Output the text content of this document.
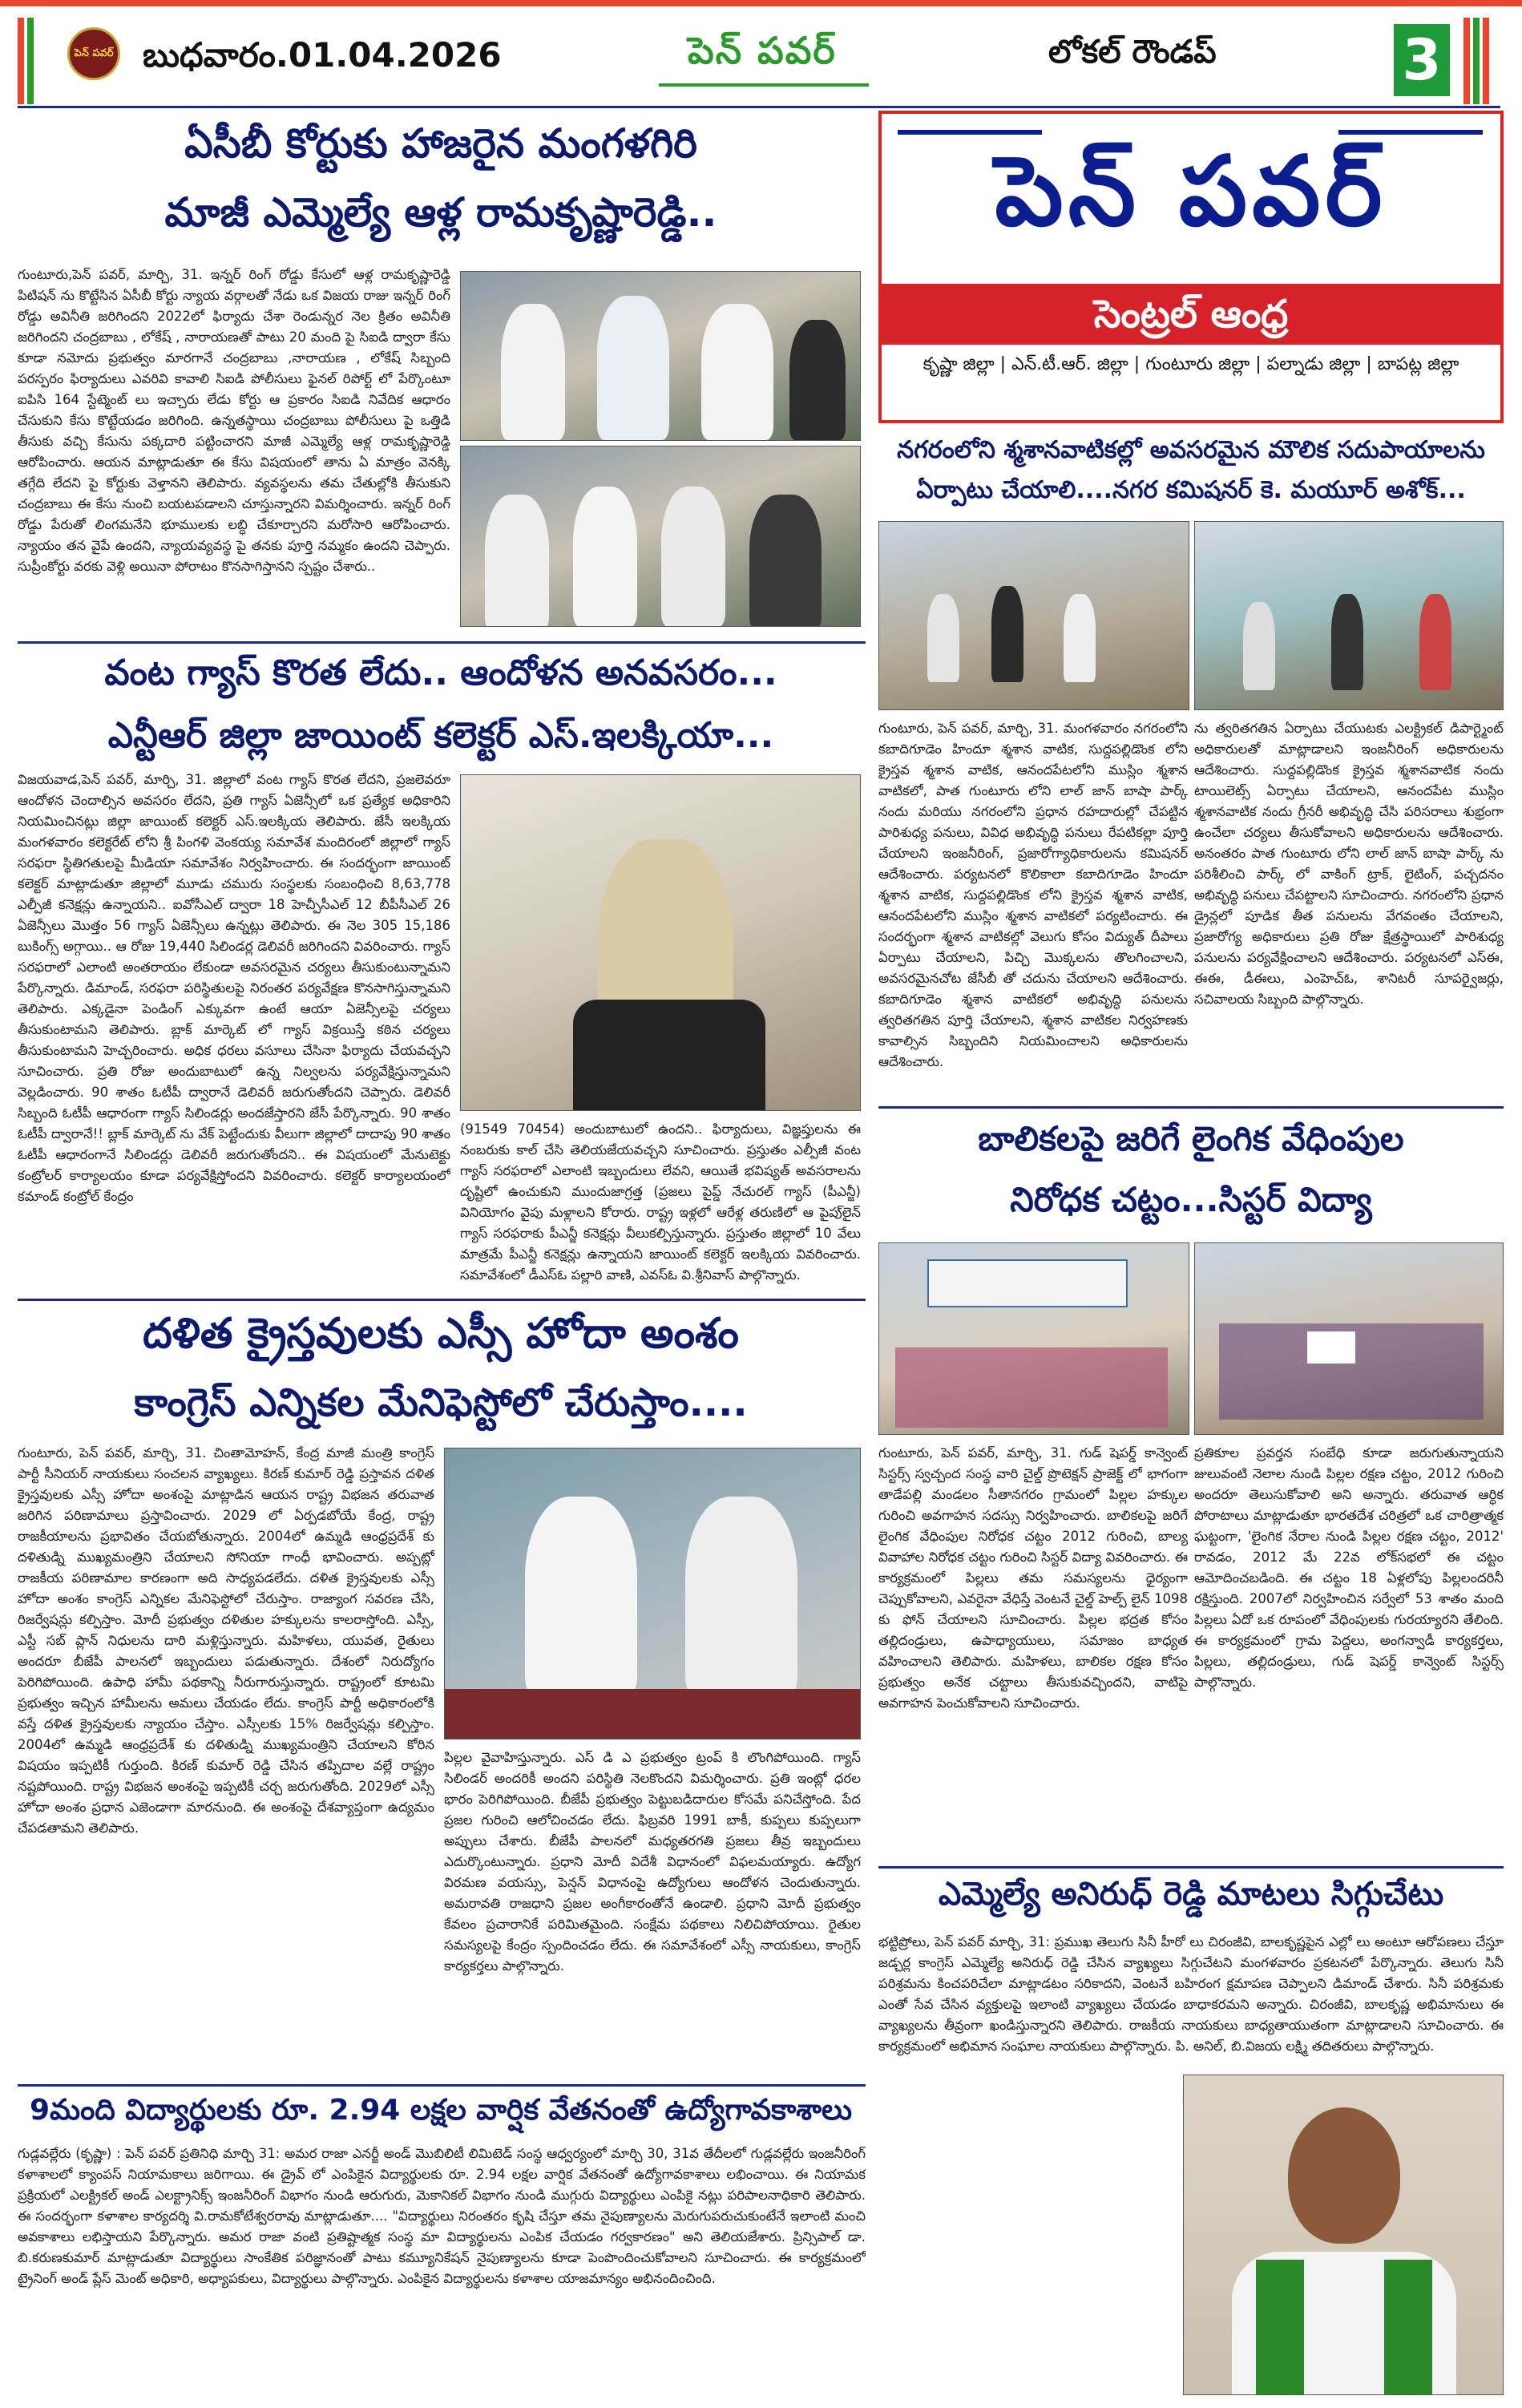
పెన్ పవర్ బుధవారం.01.04.2026	పెన్ పవర్	లోకల్ రౌండప్	3
ఏసీబీ కోర్టుకు హాజరైన మంగళగిరి
మాజీ ఎమ్మెల్యే ఆళ్ల రామకృష్ణారెడ్డి..
గుంటూరు,పెన్ పవర్, మార్చి, 31. ఇన్నర్ రింగ్ రోడ్డు కేసులో ఆళ్ల రామకృష్ణారెడ్డి పిటిషన్ ను కొట్టేసిన ఏసీబీ కోర్టు న్యాయ వర్గాలతో నేడు ఒక విజయ రాజు ఇన్నర్ రింగ్ రోడ్డు అవినీతి జరిగిందని 2022లో ఫిర్యాదు చేశా రెండున్నర నెల క్రితం అవినీతి జరిగిందని చంద్రబాబు , లోకేష్ , నారాయణతో పాటు 20 మంది పై సిఐడి ద్వారా కేసు కూడా నమోదు ప్రభుత్వం మారగానే చంద్రబాబు ,నారాయణ , లోకేష్ సిబ్బంది పరస్పరం ఫిర్యాదులు ఎవరివి కావాలి సిఐడి పోలీసులు ఫైనల్ రిపోర్ట్ లో పేర్కొంటూ ఐపిసి 164 స్టేట్మెంట్ లు ఇచ్చారు లేడు కోర్టు ఆ ప్రకారం సిఐడి నివేదిక ఆధారం చేసుకుని కేసు కొట్టేయడం జరిగింది. ఉన్నతస్థాయి చంద్రబాబు పోలీసులు పై ఒత్తిడి తీసుకు వచ్చి కేసును పక్కదారి పట్టించారని మాజీ ఎమ్మెల్యే ఆళ్ల రామకృష్ణారెడ్డి ఆరోపించారు. ఆయన మాట్లాడుతూ ఈ కేసు విషయంలో తాను ఏ మాత్రం వెనక్కి తగ్గేది లేదని పై కోర్టుకు వెళ్తానని తెలిపారు. వ్యవస్థలను తమ చేతుల్లోకి తీసుకుని చంద్రబాబు ఈ కేసు నుంచి బయటపడాలని చూస్తున్నారని విమర్శించారు. ఇన్నర్ రింగ్ రోడ్డు పేరుతో లింగమనేని భూములకు లబ్ధి చేకూర్చారని మరోసారి ఆరోపించారు. న్యాయం తన వైపే ఉందని, న్యాయవ్యవస్థ పై తనకు పూర్తి నమ్మకం ఉందని చెప్పారు. సుప్రీంకోర్టు వరకు వెళ్లి అయినా పోరాటం కొనసాగిస్తానని స్పష్టం చేశారు..
వంట గ్యాస్ కొరత లేదు.. ఆందోళన అనవసరం...
ఎన్టీఆర్ జిల్లా జాయింట్ కలెక్టర్ ఎస్.ఇలక్కియా...
విజయవాడ,పెన్ పవర్, మార్చి, 31. జిల్లాలో వంట గ్యాస్ కొరత లేదని, ప్రజలెవరూ ఆందోళన చెందాల్సిన అవసరం లేదని, ప్రతి గ్యాస్ ఏజెన్సీలో ఒక ప్రత్యేక అధికారిని నియమించినట్లు జిల్లా జాయింట్ కలెక్టర్ ఎస్.ఇలక్కియ తెలిపారు. జేసీ ఇలక్కియ మంగళవారం కలెక్టరేట్ లోని శ్రీ పింగళి వెంకయ్య సమావేశ మందిరంలో జిల్లాలో గ్యాస్ సరఫరా స్థితిగతులపై మీడియా సమావేశం నిర్వహించారు. ఈ సందర్భంగా జాయింట్ కలెక్టర్ మాట్లాడుతూ జిల్లాలో మూడు చమురు సంస్థలకు సంబంధించి 8,63,778 ఎల్పీజీ కనెక్షన్లు ఉన్నాయని.. ఐవోసీఎల్ ద్వారా 18 హెచ్పీసీఎల్ 12 బీపీసీఎల్ 26 ఏజెన్సీలు మొత్తం 56 గ్యాస్ ఏజెన్సీలు ఉన్నట్లు తెలిపారు. ఈ నెల 305 15,186 బుకింగ్స్ అగ్గాయి.. ఆ రోజు 19,440 సిలిండర్ల డెలివరీ జరిగిందని వివరించారు. గ్యాస్ సరఫరాలో ఎలాంటి అంతరాయం లేకుండా అవసరమైన చర్యలు తీసుకుంటున్నామని పేర్కొన్నారు. డిమాండ్, సరఫరా పరిస్థితులపై నిరంతర పర్యవేక్షణ కొనసాగిస్తున్నామని తెలిపారు. ఎక్కడైనా పెండింగ్ ఎక్కువగా ఉంటే ఆయా ఏజెన్సీలపై చర్యలు తీసుకుంటామని తెలిపారు. బ్లాక్ మార్కెట్ లో గ్యాస్ విక్రయిస్తే కఠిన చర్యలు తీసుకుంటామని హెచ్చరించారు. అధిక ధరలు వసూలు చేసినా ఫిర్యాదు చేయవచ్చని సూచించారు. ప్రతి రోజు అందుబాటులో ఉన్న నిల్వలను పర్యవేక్షిస్తున్నామని వెల్లడించారు. 90 శాతం ఓటీపీ ద్వారానే డెలివరీ జరుగుతోందని చెప్పారు. డెలివరీ సిబ్బంది ఓటీపీ ఆధారంగా గ్యాస్ సిలిండర్లు అందజేస్తారని జేసీ పేర్కొన్నారు. 90 శాతం ఓటీపీ ద్వారానే!! బ్లాక్ మార్కెట్ ను వేక్ పెట్టేందుకు వీలుగా జిల్లాలో దాదాపు 90 శాతం ఓటీపీ ఆధారంగానే సిలిండర్లు డెలివరీ జరుగుతోందని.. ఈ విషయంలో మేనుటెక్టు కంట్రోలర్ కార్యాలయం కూడా పర్యవేక్షిస్తోందని వివరించారు. కలెక్టర్ కార్యాలయంలో కమాండ్ కంట్రోల్ కేంద్రం
(91549 70454) అందుబాటులో ఉందని.. ఫిర్యాదులు, విజ్ఞప్తులను ఈ నంబరుకు కాల్ చేసి తెలియజేయవచ్చని సూచించారు. ప్రస్తుతం ఎల్పీజీ వంట గ్యాస్ సరఫరాలో ఎలాంటి ఇబ్బందులు లేవని, ఆయితే భవిష్యత్ అవసరాలను దృష్టిలో ఉంచుకుని ముందుజాగ్రత్త (ప్రజలు పైప్డ్ నేచురల్ గ్యాస్ (పీఎన్జీ) వినియోగం వైపు మళ్లాలని కోరారు. రాష్ట్ర ఇళ్లలో ఆరేళ్ల తరుణిలో ఆ పైపు్లైన్ గ్యాస్ సరఫరాకు పీఎన్జీ కనెక్షన్లు వీలుకల్పిస్తున్నారు. ప్రస్తుతం జిల్లాలో 10 వేలు మాత్రమే పీఎన్జీ కనెక్షన్లు ఉన్నాయని జాయింట్ కలెక్టర్ ఇలక్కియ వివరించారు. సమావేశంలో డీఎస్ఓ పల్లారి వాణి, ఎవస్ఓ వి.శ్రీనివాస్ పాల్గొన్నారు.
దళిత క్రైస్తవులకు ఎస్సీ హోదా అంశం
కాంగ్రెస్ ఎన్నికల మేనిఫెస్టోలో చేరుస్తాం....
గుంటూరు, పెన్ పవర్, మార్చి, 31. చింతామోహన్, కేంద్ర మాజీ మంత్రి కాంగ్రెస్ పార్టీ సీనియర్ నాయకులు సంచలన వ్యాఖ్యలు. కిరణ్ కుమార్ రెడ్డి ప్రస్తావన దళిత క్రైస్తవులకు ఎస్సీ హోదా అంశంపై మాట్లాడిన ఆయన రాష్ట్ర విభజన తరువాత జరిగిన పరిణామాలు ప్రస్తావించారు. 2029 లో ఏర్పడబోయే కేంద్ర, రాష్ట్ర రాజకీయాలను ప్రభావితం చేయబోతున్నారు. 2004లో ఉమ్మడి ఆంధ్రప్రదేశ్ కు దళితుడ్ని ముఖ్యమంత్రిని చేయాలని సోనియా గాంధీ భావించారు. అప్పట్లో రాజకీయ పరిణామాల కారణంగా అది సాధ్యపడలేదు. దళిత క్రైస్తవులకు ఎస్సీ హోదా అంశం కాంగ్రెస్ ఎన్నికల మేనిఫెస్టోలో చేరుస్తాం. రాజ్యాంగ సవరణ చేసి, రిజర్వేషన్లు కల్పిస్తాం. మోదీ ప్రభుత్వం దళితుల హక్కులను కాలరాస్తోంది. ఎస్సీ, ఎస్టీ సబ్ ప్లాన్ నిధులను దారి మళ్లిస్తున్నారు. మహిళలు, యువత, రైతులు అందరూ బీజేపీ పాలనలో ఇబ్బందులు పడుతున్నారు. దేశంలో నిరుద్యోగం పెరిగిపోయింది. ఉపాధి హామీ పథకాన్ని నీరుగారుస్తున్నారు. రాష్ట్రంలో కూటమి ప్రభుత్వం ఇచ్చిన హామీలను అమలు చేయడం లేదు. కాంగ్రెస్ పార్టీ అధికారంలోకి వస్తే దళిత క్రైస్తవులకు న్యాయం చేస్తాం. ఎస్సీలకు 15% రిజర్వేషన్లు కల్పిస్తాం. 2004లో ఉమ్మడి ఆంధ్రప్రదేశ్ కు దళితుడ్ని ముఖ్యమంత్రిని చేయాలని కోరిన విషయం ఇప్పటికీ గుర్తుంది. కిరణ్ కుమార్ రెడ్డి చేసిన తప్పిదాల వల్లే రాష్ట్రం నష్టపోయింది. రాష్ట్ర విభజన అంశంపై ఇప్పటికీ చర్చ జరుగుతోంది. 2029లో ఎస్సీ హోదా అంశం ప్రధాన ఎజెండాగా మారనుంది. ఈ అంశంపై దేశవ్యాప్తంగా ఉద్యమం చేపడతామని తెలిపారు.
పిల్లల వైవాహిస్తున్నారు. ఎస్ డి ఎ ప్రభుత్వం ట్రంప్ కి లొంగిపోయింది. గ్యాస్ సిలిండర్ అందరికీ అందని పరిస్థితి నెలకొందని విమర్శించారు. ప్రతి ఇంట్లో ధరల భారం పెరిగిపోయింది. బీజేపీ ప్రభుత్వం పెట్టుబడిదారుల కోసమే పనిచేస్తోంది. పేద ప్రజల గురించి ఆలోచించడం లేదు. ఫిబ్రవరి 1991 బాకీ, కుప్పలు కుప్పలుగా అప్పులు చేశారు. బీజేపీ పాలనలో మధ్యతరగతి ప్రజలు తీవ్ర ఇబ్బందులు ఎదుర్కొంటున్నారు. ప్రధాని మోదీ విదేశీ విధానంలో విఫలమయ్యారు. ఉద్యోగ విరమణ వయస్సు, పెన్షన్ విధానంపై ఉద్యోగులు ఆందోళన చెందుతున్నారు. అమరావతి రాజధాని ప్రజల అంగీకారంతోనే ఉండాలి. ప్రధాని మోదీ ప్రభుత్వం కేవలం ప్రచారానికే పరిమితమైంది. సంక్షేమ పథకాలు నిలిచిపోయాయి. రైతుల సమస్యలపై కేంద్రం స్పందించడం లేదు. ఈ సమావేశంలో ఎస్సీ నాయకులు, కాంగ్రెస్ కార్యకర్తలు పాల్గొన్నారు.
9మంది విద్యార్థులకు రూ. 2.94 లక్షల వార్షిక వేతనంతో ఉద్యోగావకాశాలు
గుడ్లవల్లేరు (కృష్ణా) : పెన్ పవర్ ప్రతినిధి మార్చి 31: అమర రాజా ఎనర్జీ అండ్ మొబిలిటీ లిమిటెడ్ సంస్థ ఆధ్వర్యంలో మార్చి 30, 31వ తేదీలలో గుడ్లవల్లేరు ఇంజనీరింగ్ కళాశాలలో క్యాంపస్ నియామకాలు జరిగాయి. ఈ డ్రైవ్ లో ఎంపికైన విద్యార్థులకు రూ. 2.94 లక్షల వార్షిక వేతనంతో ఉద్యోగావకాశాలు లభించాయి. ఈ నియామక ప్రక్రియలో ఎలక్ట్రికల్ అండ్ ఎలక్ట్రానిక్స్ ఇంజనీరింగ్ విభాగం నుండి ఆరుగురు, మెకానికల్ విభాగం నుండి ముగ్గురు విద్యార్థులు ఎంపికై నట్లు పరిపాలనాధికారి తెలిపారు. ఈ సందర్భంగా కళాశాల కార్యదర్శి వి.రామకోటేశ్వరరావు మాట్లాడుతూ.... "విద్యార్థులు నిరంతరం కృషి చేస్తూ తమ నైపుణ్యాలను మెరుగుపరుచుకుంటేనే ఇలాంటి మంచి అవకాశాలు లభిస్తాయని పేర్కొన్నారు. అమర రాజా వంటి ప్రతిష్టాత్మక సంస్థ మా విద్యార్థులను ఎంపిక చేయడం గర్వకారణం" అని తెలియజేశారు. ప్రిన్సిపాల్ డా. బి.కరుణకుమార్ మాట్లాడుతూ విద్యార్థులు సాంకేతిక పరిజ్ఞానంతో పాటు కమ్యూనికేషన్ నైపుణ్యాలను కూడా పెంపొందించుకోవాలని సూచించారు. ఈ కార్యక్రమంలో ట్రైనింగ్ అండ్ ప్లేస్ మెంట్ అధికారి, అధ్యాపకులు, విద్యార్థులు పాల్గొన్నారు. ఎంపికైన విద్యార్థులను కళాశాల యాజమాన్యం అభినందించింది.
పెన్ పవర్
సెంట్రల్ ఆంధ్ర
కృష్ణా జిల్లా | ఎన్.టీ.ఆర్. జిల్లా | గుంటూరు జిల్లా | పల్నాడు జిల్లా | బాపట్ల జిల్లా
నగరంలోని శ్మశానవాటికల్లో అవసరమైన మౌలిక సదుపాయాలను
ఏర్పాటు చేయాలి....నగర కమిషనర్ కె. మయూర్ అశోక్...
గుంటూరు, పెన్ పవర్, మార్చి, 31. మంగళవారం నగరంలోని కబాదిగూడెం హిందూ శ్మశాన వాటిక, సుద్దపల్లిడొంక లోని క్రైస్తవ శ్మశాన వాటిక, ఆనందపేటలోని ముస్లిం శ్మశాన వాటికలో, పాత గుంటూరు లోని లాల్ జాన్ బాషా పార్క్ నందు మరియు నగరంలోని ప్రధాన రహదారుల్లో చేపట్టిన పారిశుధ్య పనులు, వివిధ అభివృద్ధి పనులు రేపటికల్లా పూర్తి చేయాలని ఇంజనీరింగ్, ప్రజారోగ్యాధికారులను కమిషనర్ ఆదేశించారు. పర్యటనలో కొలికాలా కబాదిగూడెం హిందూ శ్మశాన వాటిక, సుద్దపల్లిడొంక లోని క్రైస్తవ శ్మశాన వాటిక, ఆనందపేటలోని ముస్లిం శ్మశాన వాటికలో పర్యటించారు. ఈ సందర్భంగా శ్మశాన వాటికల్లో వెలుగు కోసం విద్యుత్ దీపాలు ఏర్పాటు చేయాలని, పిచ్చి మొక్కలను తొలగించాలని, అవసరమైనచోట జేసీబీ తో చదును చేయాలని ఆదేశించారు. కబాదిగూడెం శ్మశాన వాటికలో అభివృద్ధి పనులను త్వరితగతిన పూర్తి చేయాలని, శ్మశాన వాటికల నిర్వహణకు కావాల్సిన సిబ్బందిని నియమించాలని అధికారులను ఆదేశించారు.
ను త్వరితగతిన ఏర్పాటు చేయుటకు ఎలక్ట్రికల్ డిపార్ట్మెంట్ అధికారులతో మాట్లాడాలని ఇంజనీరింగ్ అధికారులను ఆదేశించారు. సుద్దపల్లిడొంక క్రైస్తవ శ్మశానవాటిక నందు టాయిలెట్స్ ఏర్పాటు చేయాలని, ఆనందపేట ముస్లిం శ్మశానవాటిక నందు గ్రీనరీ అభివృద్ధి చేసి పరిసరాలు శుభ్రంగా ఉంచేలా చర్యలు తీసుకోవాలని అధికారులను ఆదేశించారు. అనంతరం పాత గుంటూరు లోని లాల్ జాన్ బాషా పార్క్ ను పరిశీలించి పార్క్ లో వాకింగ్ ట్రాక్, లైటింగ్, పచ్చదనం అభివృద్ధి పనులు చేపట్టాలని సూచించారు. నగరంలోని ప్రధాన డ్రైన్లలో పూడిక తీత పనులను వేగవంతం చేయాలని, ప్రజారోగ్య అధికారులు ప్రతి రోజు క్షేత్రస్థాయిలో పారిశుధ్య పనులను పర్యవేక్షించాలని ఆదేశించారు. పర్యటనలో ఎస్ఈ, ఈఈ, డీఈలు, ఎంహెచ్ఓ, శానిటరీ సూపర్వైజర్లు, సచివాలయ సిబ్బంది పాల్గొన్నారు.
బాలికలపై జరిగే లైంగిక వేధింపుల
నిరోధక చట్టం...సిస్టర్ విద్యా
గుంటూరు, పెన్ పవర్, మార్చి, 31. గుడ్ షెపర్డ్ కాన్వెంట్ సిస్టర్స్ స్వచ్చంద సంస్థ వారి చైల్డ్ ప్రొటెక్షన్ ప్రాజెక్ట్ లో భాగంగా తాడేపల్లి మండలం సీతానగరం గ్రామంలో పిల్లల హక్కుల గురించి అవగాహన సదస్సు నిర్వహించారు. బాలికలపై జరిగే లైంగిక వేధింపుల నిరోధక చట్టం 2012 గురించి, బాల్య వివాహాల నిరోధక చట్టం గురించి సిస్టర్ విద్యా వివరించారు. ఈ కార్యక్రమంలో పిల్లలు తమ సమస్యలను ధైర్యంగా చెప్పుకోవాలని, ఎవరైనా వేధిస్తే వెంటనే చైల్డ్ హెల్ప్ లైన్ 1098 కు ఫోన్ చేయాలని సూచించారు. పిల్లల భద్రత కోసం తల్లిదండ్రులు, ఉపాధ్యాయులు, సమాజం బాధ్యత వహించాలని తెలిపారు. మహిళలు, బాలికల రక్షణ కోసం ప్రభుత్వం అనేక చట్టాలు తీసుకువచ్చిందని, వాటిపై అవగాహన పెంచుకోవాలని సూచించారు.
ప్రతికూల ప్రవర్తన సంబేధి కూడా జరుగుతున్నాయని జులువంటి నెలాల నుండి పిల్లల రక్షణ చట్టం, 2012 గురించి అందరూ తెలుసుకోవాలి అని అన్నారు. తరువాత ఆర్ధిక పోరాటాలు మాట్లాడుతూ భారతదేశ చరిత్రలో ఒక చారిత్రాత్మక ఘట్టంగా, 'లైంగిక నేరాల నుండి పిల్లల రక్షణ చట్టం, 2012' రావడం, 2012 మే 22వ లోక్‌సభలో ఈ చట్టం ఆమోదించబడింది. ఈ చట్టం 18 ఏళ్లలోపు పిల్లలందరినీ రక్షిస్తుంది. 2007లో నిర్వహించిన సర్వేలో 53 శాతం మంది పిల్లలు ఏదో ఒక రూపంలో వేధింపులకు గురయ్యారని తేలింది. ఈ కార్యక్రమంలో గ్రామ పెద్దలు, అంగన్వాడీ కార్యకర్తలు, పిల్లలు, తల్లిదండ్రులు, గుడ్ షెపర్డ్ కాన్వెంట్ సిస్టర్స్ పాల్గొన్నారు.
ఎమ్మెల్యే అనిరుధ్ రెడ్డి మాటలు సిగ్గుచేటు
భట్టిప్రోలు, పెన్ పవర్ మార్చి, 31: ప్రముఖ తెలుగు సినీ హీరో లు చిరంజీవి, బాలకృష్ణపైన ఎల్లో లు అంటూ ఆరోపణలు చేస్తూ జడ్చర్ల కాంగ్రెస్ ఎమ్మెల్యే అనిరుధ్ రెడ్డి చేసిన వ్యాఖ్యలు సిగ్గుచేటని మంగళవారం ప్రకటనలో పేర్కొన్నారు. తెలుగు సినీ పరిశ్రమను కించపరిచేలా మాట్లాడటం సరికాదని, వెంటనే బహిరంగ క్షమాపణ చెప్పాలని డిమాండ్ చేశారు. సినీ పరిశ్రమకు ఎంతో సేవ చేసిన వ్యక్తులపై ఇలాంటి వ్యాఖ్యలు చేయడం బాధాకరమని అన్నారు. చిరంజీవి, బాలకృష్ణ అభిమానులు ఈ వ్యాఖ్యలను తీవ్రంగా ఖండిస్తున్నారని తెలిపారు. రాజకీయ నాయకులు బాధ్యతాయుతంగా మాట్లాడాలని సూచించారు. ఈ కార్యక్రమంలో అభిమాన సంఘాల నాయకులు పాల్గొన్నారు. పి. అనిల్, బి.విజయ లక్ష్మి తదితరులు పాల్గొన్నారు.
